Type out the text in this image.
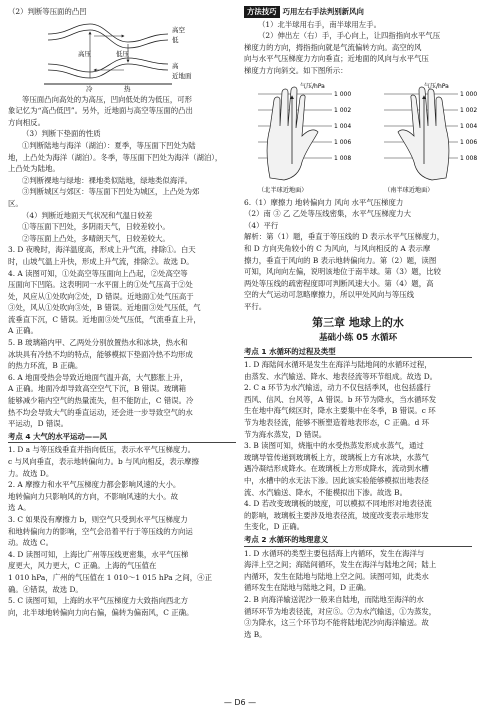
（2）判断等压面的凸凹
高空
低
高
近地面
高压	低压
冷	热
等压面凸向高处的为高压，凹向低处的为低压，可形
象记忆为“高凸低凹”。另外，近地面与高空等压面的凸出
方向相反。
（3）判断下垫面的性质
①判断陆地与海洋（湖泊）：夏季，等压面下凹处为陆
地，上凸处为海洋（湖泊）。冬季，等压面下凹处为海洋（湖泊），
上凸处为陆地。
②判断裸地与绿地：裸地类似陆地，绿地类似海洋。
③判断城区与郊区：等压面下凹处为城区，上凸处为郊
区。
（4）判断近地面天气状况和气温日较差
①等压面下凹处，多阴雨天气，日较差较小。
②等压面上凸处，多晴朗天气，日较差较大。
3. D 夜晚时，海洋温度高，形成上升气流，排除①。白天
时，山坡气温上升快，形成上升气流，排除②。故选 D。
4. A 读图可知，①处高空等压面向上凸起，②处高空等
压面向下凹陷。这表明同一水平面上的①处气压高于②处
处，风应从①处吹向②处，D 错误。近地面①处气压高于
③处，风从①处吹向③处，B 错误。近地面③处气压低，气
流垂直下沉，C 错误。近地面③处气压低，气流垂直上升，
A 正确。
5. B 玻璃箱内甲、乙两处分别放置热水和冰块，热水和
冰块具有冷热不均的特点，能够模拟下垫面冷热不均形成
的热力环流，B 正确。
6. A 地面受热会导致近地面气温升高，大气膨胀上升，
A 正确。地面冷却导致高空空气下沉，B 错误。玻璃箱
能够减少箱内空气的热量流失，但不能防止，C 错误。冷
热不均会导致大气的垂直运动，还会进一步导致空气的水
平运动，D 错误。
考点 4 大气的水平运动——风
1. D a 与等压线垂直并指向低压，表示水平气压梯度力。
c 与风向垂直，表示地转偏向力。b 与风向相反，表示摩擦
力。故选 D。
2. A 摩擦力和水平气压梯度力都会影响风速的大小。
地转偏向力只影响风的方向，不影响风速的大小。故
选 A。
3. C 如果没有摩擦力 b，则空气只受到水平气压梯度力
和地转偏向力的影响，空气会沿着平行于等压线的方向运
动。故选 C。
4. D 读图可知，上海比广州等压线更密集，水平气压梯
度更大，风力更大，C 正确。上海的气压值在
1 010 hPa，广州的气压值在 1 010～1 015 hPa 之间，④正
确。④错误，故选 D。
5. C 读图可知，上海的水平气压梯度力大致指向西北方
向，北半球地转偏向力向右偏，偏转为偏南风，C 正确。
方法技巧 巧用左右手法判别新风向
（1）北半球用右手，南半球用左手。
（2）伸出左（右）手，手心向上，让四指指向水平气压
梯度力的方向，拇指指向就是气流偏转方向。高空的风
向与水平气压梯度力方向垂直；近地面的风向与水平气压
梯度力方向斜交。如下图所示：
气压/hPa	气压/hPa
1 000
1 002
1 004
1 006
1 008
1 000
1 002
1 004
1 006
1 008
（北半球近地面）	（南半球近地面）
6.（1）摩擦力 地转偏向力 风向 水平气压梯度力
（2）南 ③ 乙 乙处等压线密集，水平气压梯度力大
（4）平行
解析：第（1）题，垂直于等压线的 D 表示水平气压梯度力，
和 D 方向夹角较小的 C 为风向，与风向相反的 A 表示摩
擦力，垂直于风向的 B 表示地转偏向力。第（2）题，读图
可知，风向向左偏，说明该地位于南半球。第（3）题，比较
两处等压线的疏密程度即可判断风速大小。第（4）题，高
空的大气运动可忽略摩擦力，所以甲处风向与等压线
平行。
第三章 地球上的水
基础小练 05 水循环
考点 1 水循环的过程及类型
1. D 海陆间水循环是发生在海洋与陆地间的水循环过程，
由蒸发、水汽输送、降水、地表径流等环节组成。故选 D。
2. C a 环节为水汽输送，动力不仅包括季风，也包括盛行
西风、信风、台风等，A 错误。b 环节为降水，当水循环发
生在地中海气候区时，降水主要集中在冬季，B 错误。c 环
节为地表径流，能够不断塑造着地表形态，C 正确。d 环
节为海水蒸发，D 错误。
3. B 读图可知，烧瓶中的水受热蒸发形成水蒸气，通过
玻璃导管传递到玻璃板上方，玻璃板上方有冰块，水蒸气
遇冷凝结形成降水。在玻璃板上方形成降水，流动到水槽
中，水槽中的水无法下渗。因此该实验能够模拟出地表径
流、水汽输送、降水，不能模拟出下渗。故选 B。
4. D 若改变玻璃板的坡度，可以模拟不同地形对地表径流
的影响，玻璃板主要涉及地表径流，坡度改变表示地形发
生变化，D 正确。
考点 2 水循环的地理意义
1. D 水循环的类型主要包括海上内循环，发生在海洋与
海洋上空之间；海陆间循环，发生在海洋与陆地之间；陆上
内循环，发生在陆地与陆地上空之间。读图可知，此类水
循环发生在陆地与陆地之间，D 正确。
2. B 向海洋输送泥沙一般来自陆地，而陆地至海洋的水
循环环节为地表径流，对应⑤。⑦为水汽输送，①为蒸发，
③为降水，这三个环节均不能将陆地泥沙向海洋输送。故
选 B。
— D6 —
